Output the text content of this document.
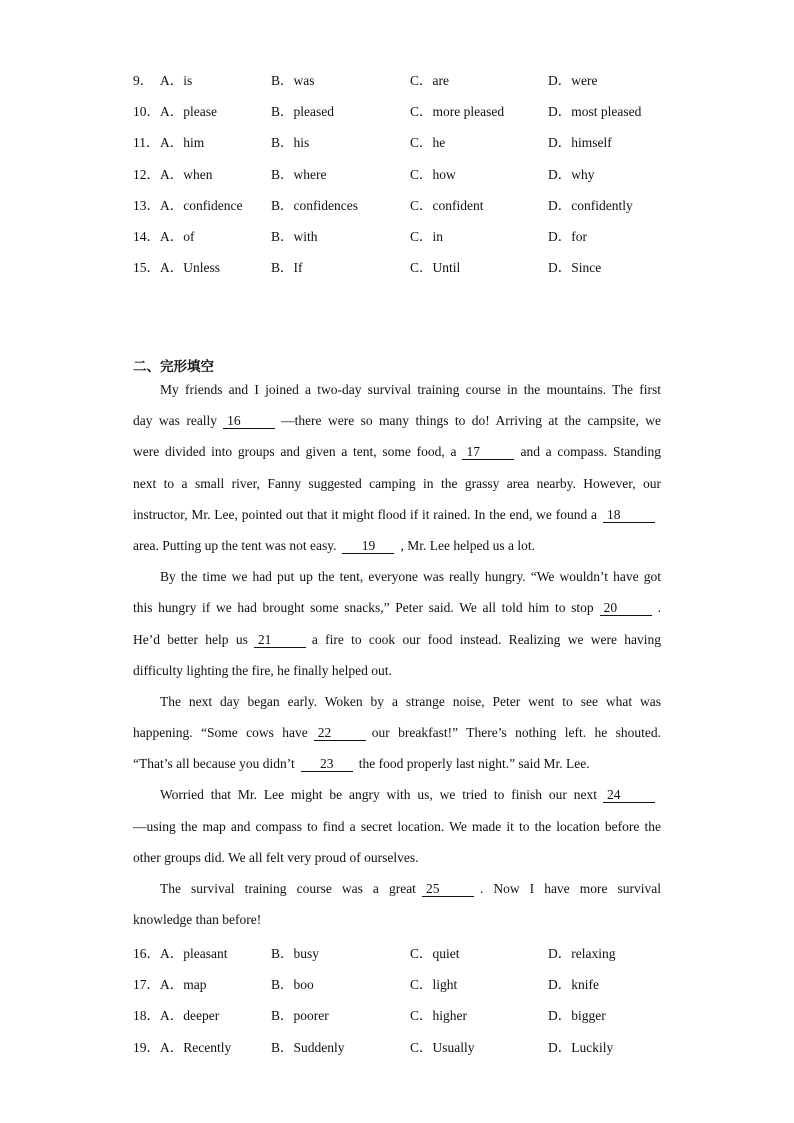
9． A．is	B．was	C．are	D．were
10． A．please	B．pleased	C．more pleased	D．most pleased
11． A．him	B．his	C．he	D．himself
12． A．when	B．where	C．how	D．why
13． A．confidence B．confidences	C．confident	D．confidently
14． A．of	B．with	C．in	D．for
15． A．Unless	B．If	C．Until	D．Since
二、完形填空
My friends and I joined a two-day survival training course in the mountains. The first
day was really 16	—there were so many things to do! Arriving at the campsite, we
were divided into groups and given a tent, some food, a 17	and a compass. Standing
next to a small river, Fanny suggested camping in the grassy area nearby. However, our
instructor, Mr. Lee, pointed out that it might flood if it rained. In the end, we found a 18
area. Putting up the tent was not easy. 19 , Mr. Lee helped us a lot.
By the time we had put up the tent, everyone was really hungry. “We wouldn’t have got
this hungry if we had brought some snacks,” Peter said. We all told him to stop 20	.
He’d better help us 21	a fire to cook our food instead. Realizing we were having
difficulty lighting the fire, he finally helped out.
The next day began early. Woken by a strange noise, Peter went to see what was
happening. “Some cows have 22	our breakfast!” There’s nothing left. he shouted.
“That’s all because you didn’t 23 the food properly last night.” said Mr. Lee.
Worried that Mr. Lee might be angry with us, we tried to finish our next 24
—using the map and compass to find a secret location. We made it to the location before the
other groups did. We all felt very proud of ourselves.
The survival training course was a great 25	. Now I have more survival
knowledge than before!
16． A．pleasant	B．busy	C．quiet	D．relaxing
17． A．map	B．boo	C．light	D．knife
18． A．deeper	B．poorer	C．higher	D．bigger
19． A．Recently	B．Suddenly	C．Usually	D．Luckily
